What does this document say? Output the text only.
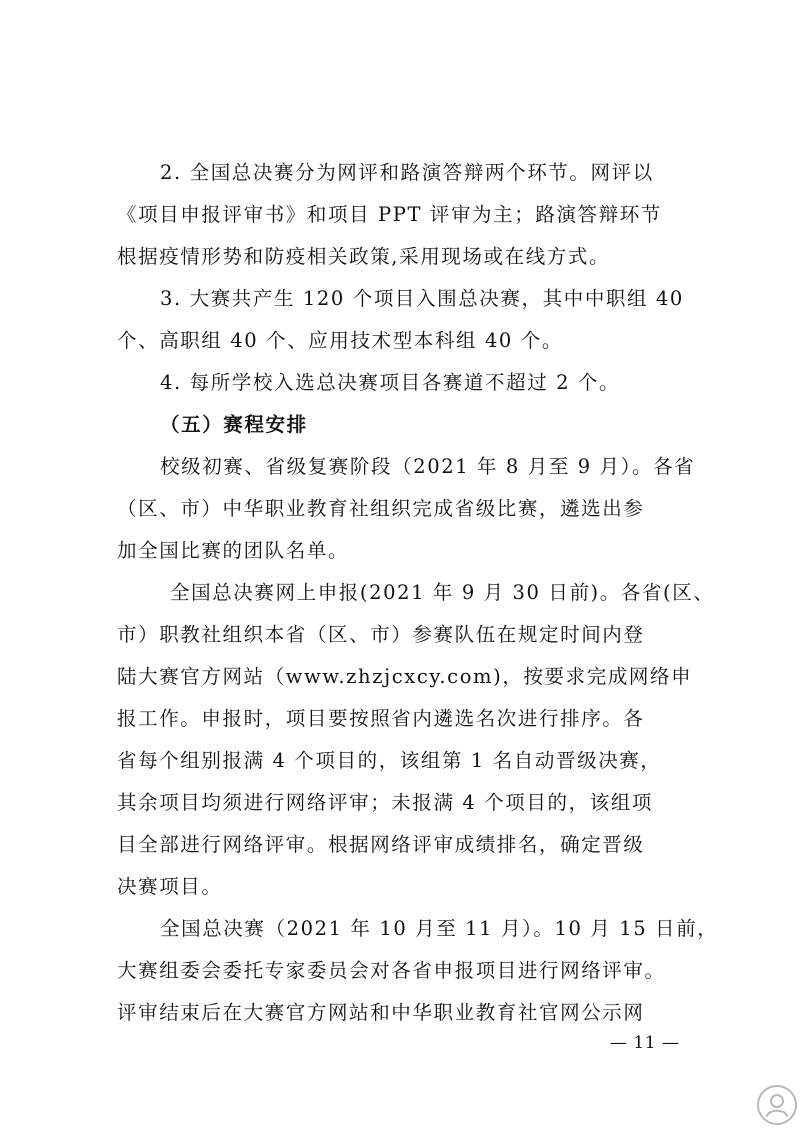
2. 全国总决赛分为网评和路演答辩两个环节。网评以
《项目申报评审书》和项目 PPT 评审为主；路演答辩环节
根据疫情形势和防疫相关政策,采用现场或在线方式。
3. 大赛共产生 120 个项目入围总决赛，其中中职组 40
个、高职组 40 个、应用技术型本科组 40 个。
4. 每所学校入选总决赛项目各赛道不超过 2 个。
（五）赛程安排
校级初赛、省级复赛阶段（2021 年 8 月至 9 月）。各省
（区、市）中华职业教育社组织完成省级比赛，遴选出参
加全国比赛的团队名单。
全国总决赛网上申报(2021 年 9 月 30 日前)。各省(区、
市）职教社组织本省（区、市）参赛队伍在规定时间内登
陆大赛官方网站（www.zhzjcxcy.com)，按要求完成网络申
报工作。申报时，项目要按照省内遴选名次进行排序。各
省每个组别报满 4 个项目的，该组第 1 名自动晋级决赛，
其余项目均须进行网络评审；未报满 4 个项目的，该组项
目全部进行网络评审。根据网络评审成绩排名，确定晋级
决赛项目。
全国总决赛（2021 年 10 月至 11 月）。10 月 15 日前，
大赛组委会委托专家委员会对各省申报项目进行网络评审。
评审结束后在大赛官方网站和中华职业教育社官网公示网
— 11 —
